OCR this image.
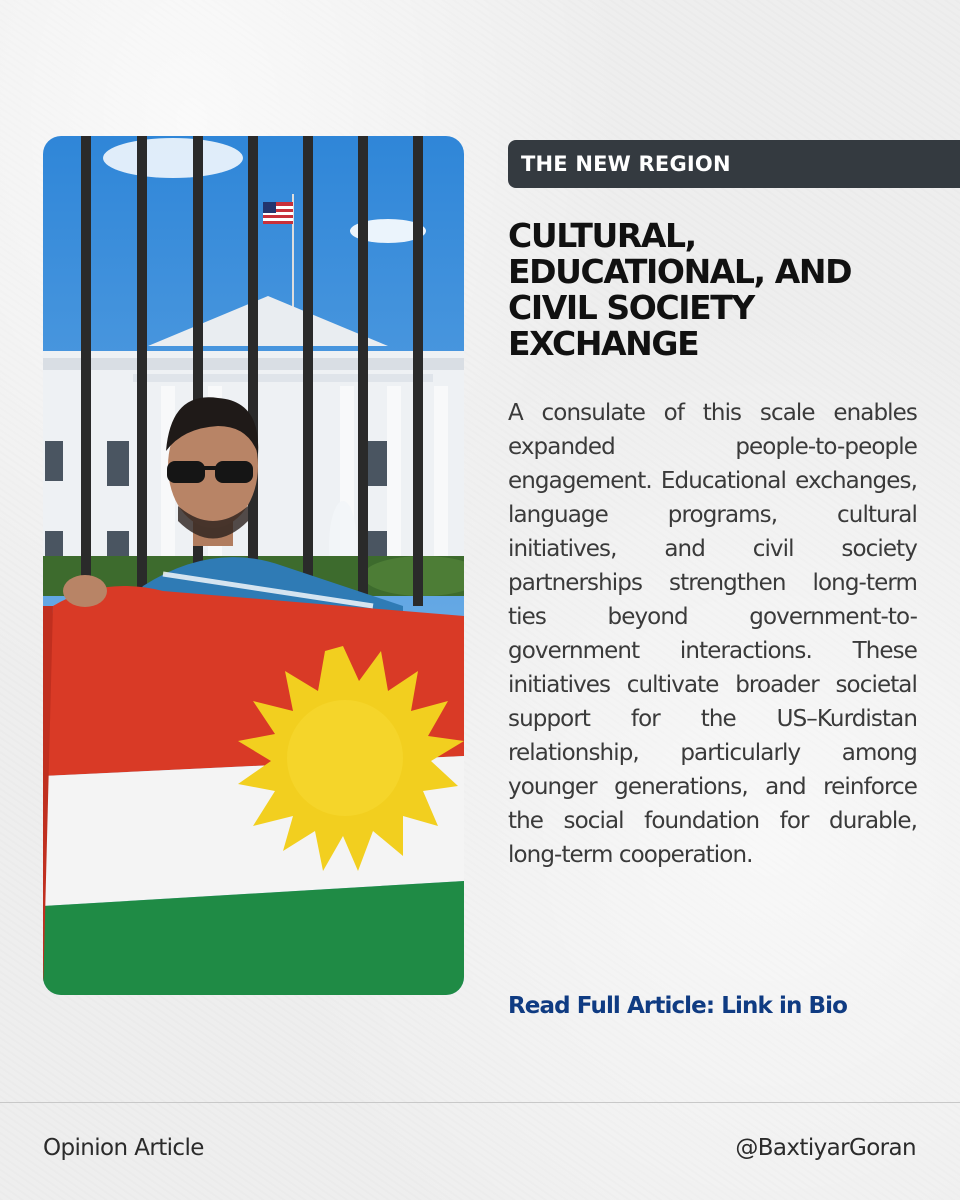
THE NEW REGION
CULTURAL, EDUCATIONAL, AND CIVIL SOCIETY EXCHANGE

A consulate of this scale enables expanded people-to-people engagement. Educational exchanges, language programs, cultural initiatives, and civil society partnerships strengthen long-term ties beyond government-to-government interactions. These initiatives cultivate broader societal support for the US–Kurdistan relationship, particularly among younger generations, and reinforce the social foundation for durable, long-term cooperation.

Read Full Article: Link in Bio
Opinion Article	@BaxtiyarGoran
